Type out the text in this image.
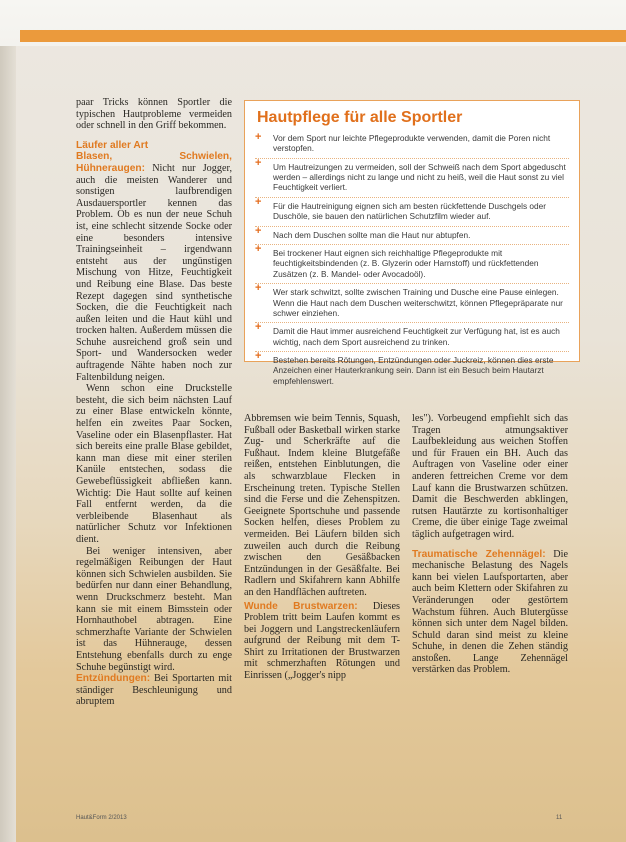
paar Tricks können Sportler die typischen Hautprobleme vermeiden oder schnell in den Griff bekommen.

Läufer aller Art

Blasen, Schwielen, Hühneraugen: Nicht nur Jogger, auch die meisten Wanderer und sonstigen laufbrendigen Ausdauersportler kennen das Problem. Ob es nun der neue Schuh ist, eine schlecht sitzende Socke oder eine besonders intensive Trainingseinheit – irgendwann entsteht aus der ungünstigen Mischung von Hitze, Feuchtigkeit und Reibung eine Blase. Das beste Rezept dagegen sind synthetische Socken, die die Feuchtigkeit nach außen leiten und die Haut kühl und trocken halten. Außerdem müssen die Schuhe ausreichend groß sein und Sport- und Wandersocken weder auftragende Nähte haben noch zur Faltenbildung neigen.

Wenn schon eine Druckstelle besteht, die sich beim nächsten Lauf zu einer Blase entwickeln könnte, helfen ein zweites Paar Socken, Vaseline oder ein Blasenpflaster. Hat sich bereits eine pralle Blase gebildet, kann man diese mit einer sterilen Kanüle entstechen, sodass die Gewebeflüssigkeit abfließen kann. Wichtig: Die Haut sollte auf keinen Fall entfernt werden, da die verbleibende Blasenhaut als natürlicher Schutz vor Infektionen dient.

Bei weniger intensiven, aber regelmäßigen Reibungen der Haut können sich Schwielen ausbilden. Sie bedürfen nur dann einer Behandlung, wenn Druckschmerz besteht. Man kann sie mit einem Bimsstein oder Hornhauthobel abtragen. Eine schmerzhafte Variante der Schwielen ist das Hühnerauge, dessen Entstehung ebenfalls durch zu enge Schuhe begünstigt wird.

Entzündungen: Bei Sportarten mit ständiger Beschleunigung und abruptem

Hautpflege für alle Sportler
+ Vor dem Sport nur leichte Pflegeprodukte verwenden, damit die Poren nicht verstopfen.
+ Um Hautreizungen zu vermeiden, soll der Schweiß nach dem Sport abgeduscht werden – allerdings nicht zu lange und nicht zu heiß, weil die Haut sonst zu viel Feuchtigkeit verliert.
+ Für die Hautreinigung eignen sich am besten rückfettende Duschgels oder Duschöle, sie bauen den natürlichen Schutzfilm wieder auf.
+ Nach dem Duschen sollte man die Haut nur abtupfen.
+ Bei trockener Haut eignen sich reichhaltige Pflegeprodukte mit feuchtigkeitsbindenden (z. B. Glyzerin oder Harnstoff) und rückfettenden Zusätzen (z. B. Mandel- oder Avocadoöl).
+ Wer stark schwitzt, sollte zwischen Training und Dusche eine Pause einlegen. Wenn die Haut nach dem Duschen weiterschwitzt, können Pflegepräparate nur schwer einziehen.
+ Damit die Haut immer ausreichend Feuchtigkeit zur Verfügung hat, ist es auch wichtig, nach dem Sport ausreichend zu trinken.
+ Bestehen bereits Rötungen, Entzündungen oder Juckreiz, können dies erste Anzeichen einer Hauterkrankung sein. Dann ist ein Besuch beim Hautarzt empfehlenswert.

Abbremsen wie beim Tennis, Squash, Fußball oder Basketball wirken starke Zug- und Scherkräfte auf die Fußhaut. Indem kleine Blutgefäße reißen, entstehen Einblutungen, die als schwarzblaue Flecken in Erscheinung treten. Typische Stellen sind die Ferse und die Zehenspitzen. Geeignete Sportschuhe und passende Socken helfen, dieses Problem zu vermeiden. Bei Läufern bilden sich zuweilen auch durch die Reibung zwischen den Gesäßbacken Entzündungen in der Gesäßfalte. Bei Radlern und Skifahrern kann Abhilfe an den Handflächen auftreten.

Wunde Brustwarzen: Dieses Problem tritt beim Laufen kommt es bei Joggern und Langstreckenläufern aufgrund der Reibung mit dem T-Shirt zu Irritationen der Brustwarzen mit schmerzhaften Rötungen und Einrissen („Jogger's nipp

les"). Vorbeugend empfiehlt sich das Tragen atmungsaktiver Laufbekleidung aus weichen Stoffen und für Frauen ein BH. Auch das Auftragen von Vaseline oder einer anderen fettreichen Creme vor dem Lauf kann die Brustwarzen schützen. Damit die Beschwerden abklingen, rutsen Hautärzte zu kortisonhaltiger Creme, die über einige Tage zweimal täglich aufgetragen wird.

Traumatische Zehennägel: Die mechanische Belastung des Nagels kann bei vielen Laufsportarten, aber auch beim Klettern oder Skifahren zu Veränderungen oder gestörtem Wachstum führen. Auch Blutergüsse können sich unter dem Nagel bilden. Schuld daran sind meist zu kleine Schuhe, in denen die Zehen ständig anstoßen. Lange Zehennägel verstärken das Problem.

Haut&Form 2/2013	11
